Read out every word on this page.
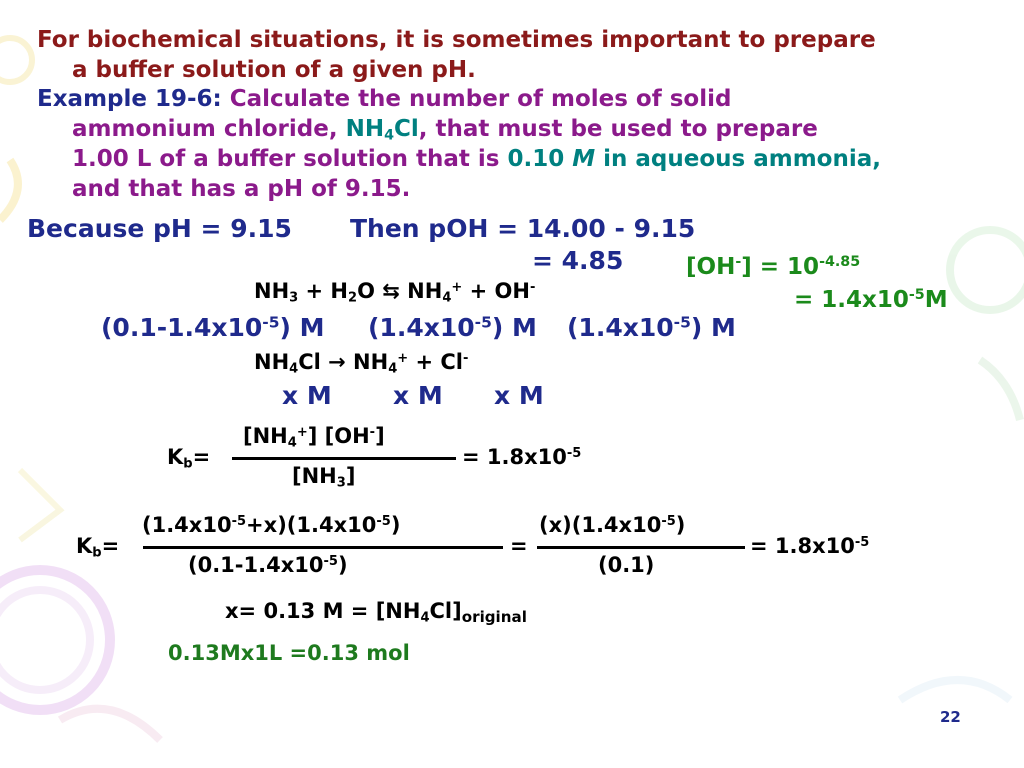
For biochemical situations, it is sometimes important to prepare
a buffer solution of a given pH.
Example 19-6: Calculate the number of moles of solid
ammonium chloride, $NH_4Cl$, that must be used to prepare
1.00 L of a buffer solution that is 0.10 M in aqueous ammonia,
and that has a pH of 9.15.
Because pH = 9.15 Then pOH = 14.00 - 9.15
= 4.85	$[OH^-] = 10^{-4.85}$
= $1.4x10^{-5}M$
$NH_3 + H_2O$ ⇆ $NH_4^+ + OH^-$
$(0.1-1.4x10^{-5})$ M $(1.4x10^{-5})$ M $(1.4x10^{-5})$ M
$NH_4Cl \to NH_4^+ + Cl^-$
x M x M x M
$K_b=$
$[NH_4^+]$ [OH-]
$[NH_3]$
= $1.8x10^{-5}$
$K_b=$
$(1.4x10^{-5}+x)(1.4x10^{-5})$
$(0.1-1.4x10^{-5})$
=
$(x)(1.4x10^{-5})$
(0.1)
= $1.8x10^{-5}$
x= 0.13 $M = [NH_4Cl]_{original}$
0.13Mx1L =0.13 mol
22
